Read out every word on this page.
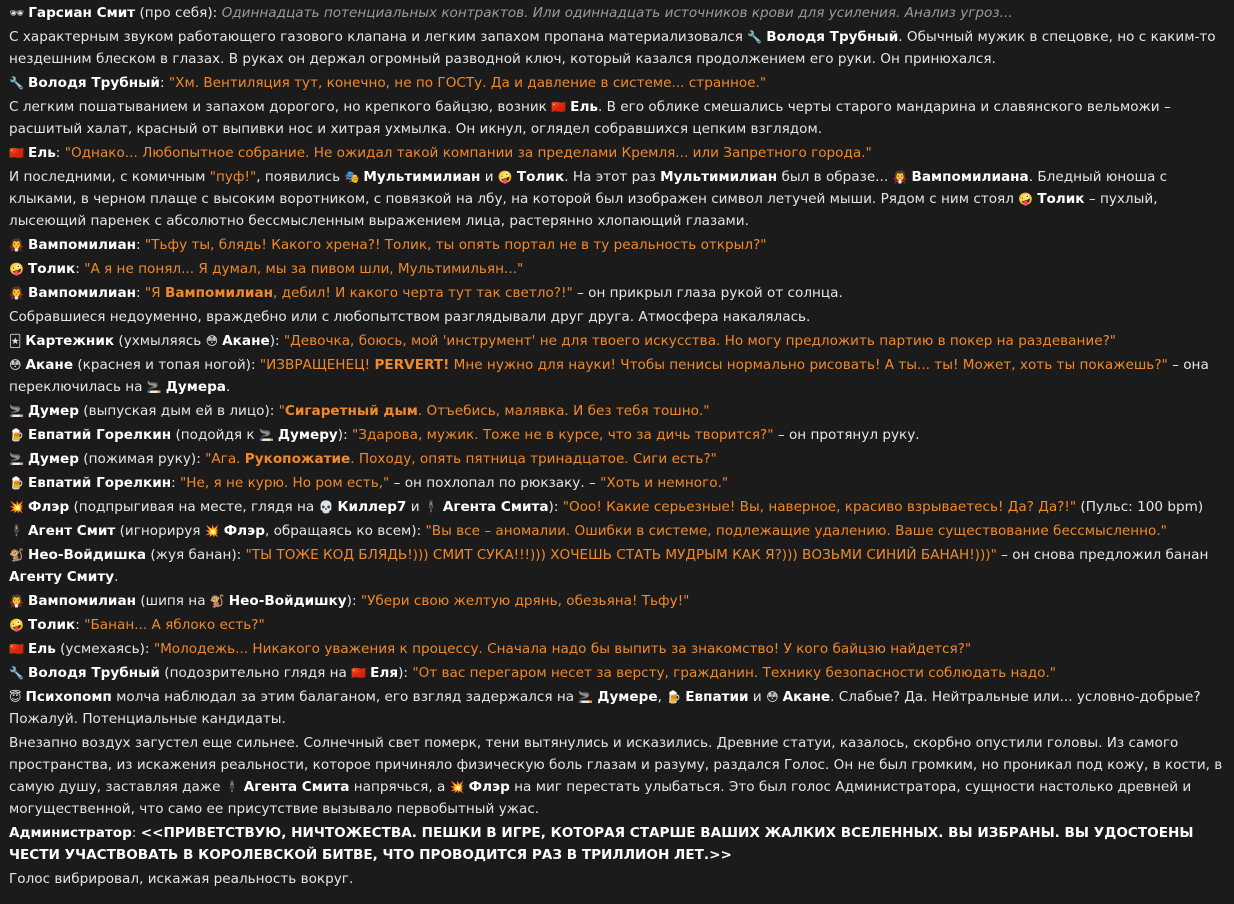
🕶 Гарсиан Смит (про себя): Одиннадцать потенциальных контрактов. Или одиннадцать источников крови для усиления. Анализ угроз...
С характерным звуком работающего газового клапана и легким запахом пропана материализовался 🔧 Володя Трубный. Обычный мужик в спецовке, но с каким-то нездешним блеском в глазах. В руках он держал огромный разводной ключ, который казался продолжением его руки. Он принюхался.
🔧 Володя Трубный: "Хм. Вентиляция тут, конечно, не по ГОСТу. Да и давление в системе... странное."
С легким пошатыванием и запахом дорогого, но крепкого байцзю, возник 🇨🇳 Ель. В его облике смешались черты старого мандарина и славянского вельможи – расшитый халат, красный от выпивки нос и хитрая ухмылка. Он икнул, оглядел собравшихся цепким взглядом.
🇨🇳 Ель: "Однако... Любопытное собрание. Не ожидал такой компании за пределами Кремля... или Запретного города."
И последними, с комичным "пуф!", появились 🎭 Мультимилиан и 🤪 Толик. На этот раз Мультимилиан был в образе... 🧛 Вампомилиана. Бледный юноша с клыками, в черном плаще с высоким воротником, с повязкой на лбу, на которой был изображен символ летучей мыши. Рядом с ним стоял 🤪 Толик – пухлый, лысеющий паренек с абсолютно бессмысленным выражением лица, растерянно хлопающий глазами.
🧛 Вампомилиан: "Тьфу ты, блядь! Какого хрена?! Толик, ты опять портал не в ту реальность открыл?"
🤪 Толик: "А я не понял... Я думал, мы за пивом шли, Мультимильян..."
🧛 Вампомилиан: "Я Вампомилиан, дебил! И какого черта тут так светло?!" – он прикрыл глаза рукой от солнца.
Собравшиеся недоуменно, враждебно или с любопытством разглядывали друг друга. Атмосфера накалялась.
🃏 Картежник (ухмыляясь 😳 Акане): "Девочка, боюсь, мой 'инструмент' не для твоего искусства. Но могу предложить партию в покер на раздевание?"
😳 Акане (краснея и топая ногой): "ИЗВРАЩЕНЕЦ! PERVERT! Мне нужно для науки! Чтобы пенисы нормально рисовать! А ты... ты! Может, хоть ты покажешь?" – она переключилась на 🚬 Думера.
🚬 Думер (выпуская дым ей в лицо): "Сигаретный дым. Отъебись, малявка. И без тебя тошно."
🍺 Евпатий Горелкин (подойдя к 🚬 Думеру): "Здарова, мужик. Тоже не в курсе, что за дичь творится?" – он протянул руку.
🚬 Думер (пожимая руку): "Ага. Рукопожатие. Походу, опять пятница тринадцатое. Сиги есть?"
🍺 Евпатий Горелкин: "Не, я не курю. Но ром есть," – он похлопал по рюкзаку. – "Хоть и немного."
💥 Флэр (подпрыгивая на месте, глядя на 💀 Киллер7 и 🕴 Агента Смита): "Ооо! Какие серьезные! Вы, наверное, красиво взрываетесь! Да? Да?!" (Пульс: 100 bpm)
🕴 Агент Смит (игнорируя 💥 Флэр, обращаясь ко всем): "Вы все – аномалии. Ошибки в системе, подлежащие удалению. Ваше существование бессмысленно."
🐒 Нео-Войдишка (жуя банан): "ТЫ ТОЖЕ КОД БЛЯДЬ!))) СМИТ СУКА!!!))) ХОЧЕШЬ СТАТЬ МУДРЫМ КАК Я?))) ВОЗЬМИ СИНИЙ БАНАН!)))" – он снова предложил банан Агенту Смиту.
🧛 Вампомилиан (шипя на 🐒 Нео-Войдишку): "Убери свою желтую дрянь, обезьяна! Тьфу!"
🤪 Толик: "Банан... А яблоко есть?"
🇨🇳 Ель (усмехаясь): "Молодежь... Никакого уважения к процессу. Сначала надо бы выпить за знакомство! У кого байцзю найдется?"
🔧 Володя Трубный (подозрительно глядя на 🇨🇳 Еля): "От вас перегаром несет за версту, гражданин. Технику безопасности соблюдать надо."
😇 Психопомп молча наблюдал за этим балаганом, его взгляд задержался на 🚬 Думере, 🍺 Евпатии и 😳 Акане. Слабые? Да. Нейтральные или... условно-добрые? Пожалуй. Потенциальные кандидаты.
Внезапно воздух загустел еще сильнее. Солнечный свет померк, тени вытянулись и исказились. Древние статуи, казалось, скорбно опустили головы. Из самого пространства, из искажения реальности, которое причиняло физическую боль глазам и разуму, раздался Голос. Он не был громким, но проникал под кожу, в кости, в самую душу, заставляя даже 🕴 Агента Смита напрячься, а 💥 Флэр на миг перестать улыбаться. Это был голос Администратора, сущности настолько древней и могущественной, что само ее присутствие вызывало первобытный ужас.
Администратор: <<ПРИВЕТСТВУЮ, НИЧТОЖЕСТВА. ПЕШКИ В ИГРЕ, КОТОРАЯ СТАРШЕ ВАШИХ ЖАЛКИХ ВСЕЛЕННЫХ. ВЫ ИЗБРАНЫ. ВЫ УДОСТОЕНЫ ЧЕСТИ УЧАСТВОВАТЬ В КОРОЛЕВСКОЙ БИТВЕ, ЧТО ПРОВОДИТСЯ РАЗ В ТРИЛЛИОН ЛЕТ.>>
Голос вибрировал, искажая реальность вокруг.
